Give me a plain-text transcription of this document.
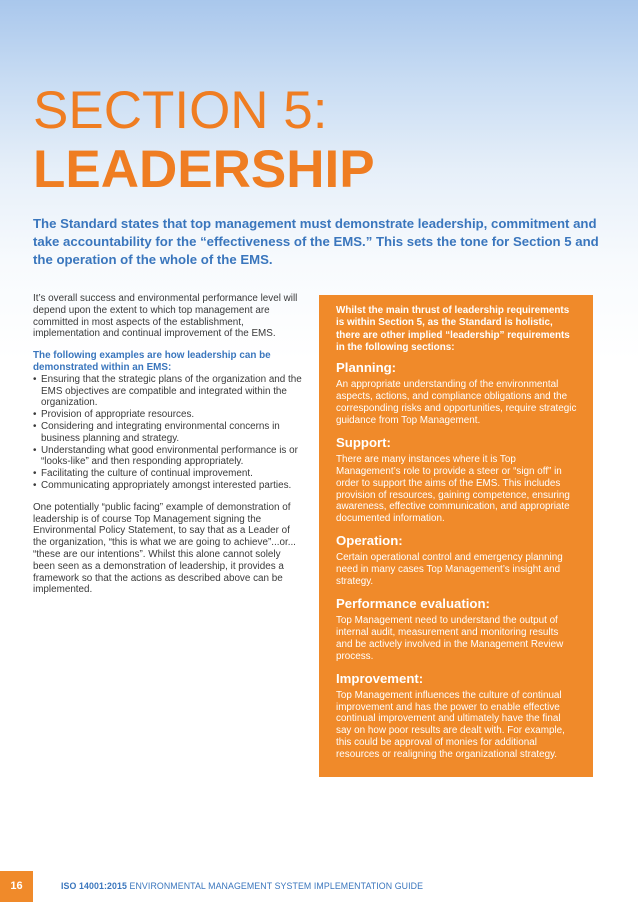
SECTION 5:
LEADERSHIP
The Standard states that top management must demonstrate leadership, commitment and take accountability for the “effectiveness of the EMS.” This sets the tone for Section 5 and the operation of the whole of the EMS.

It’s overall success and environmental performance level will depend upon the extent to which top management are committed in most aspects of the establishment, implementation and continual improvement of the EMS.

The following examples are how leadership can be demonstrated within an EMS:

• Ensuring that the strategic plans of the organization and the EMS objectives are compatible and integrated within the organization.
• Provision of appropriate resources.
• Considering and integrating environmental concerns in business planning and strategy.
• Understanding what good environmental performance is or “looks-like” and then responding appropriately.
• Facilitating the culture of continual improvement.
• Communicating appropriately amongst interested parties.

One potentially “public facing” example of demonstration of leadership is of course Top Management signing the Environmental Policy Statement, to say that as a Leader of the organization, “this is what we are going to achieve”...or... “these are our intentions”. Whilst this alone cannot solely been seen as a demonstration of leadership, it provides a framework so that the actions as described above can be implemented.

Whilst the main thrust of leadership requirements is within Section 5, as the Standard is holistic, there are other implied “leadership” requirements in the following sections:

Planning:

An appropriate understanding of the environmental aspects, actions, and compliance obligations and the corresponding risks and opportunities, require strategic guidance from Top Management.

Support:

There are many instances where it is Top Management’s role to provide a steer or “sign off” in order to support the aims of the EMS. This includes provision of resources, gaining competence, ensuring awareness, effective communication, and appropriate documented information.

Operation:

Certain operational control and emergency planning need in many cases Top Management’s insight and strategy.

Performance evaluation:

Top Management need to understand the output of internal audit, measurement and monitoring results and be actively involved in the Management Review process.

Improvement:

Top Management influences the culture of continual improvement and has the power to enable effective continual improvement and ultimately have the final say on how poor results are dealt with. For example, this could be approval of monies for additional resources or realigning the organizational strategy.

16	ISO 14001:2015 ENVIRONMENTAL MANAGEMENT SYSTEM IMPLEMENTATION GUIDE
